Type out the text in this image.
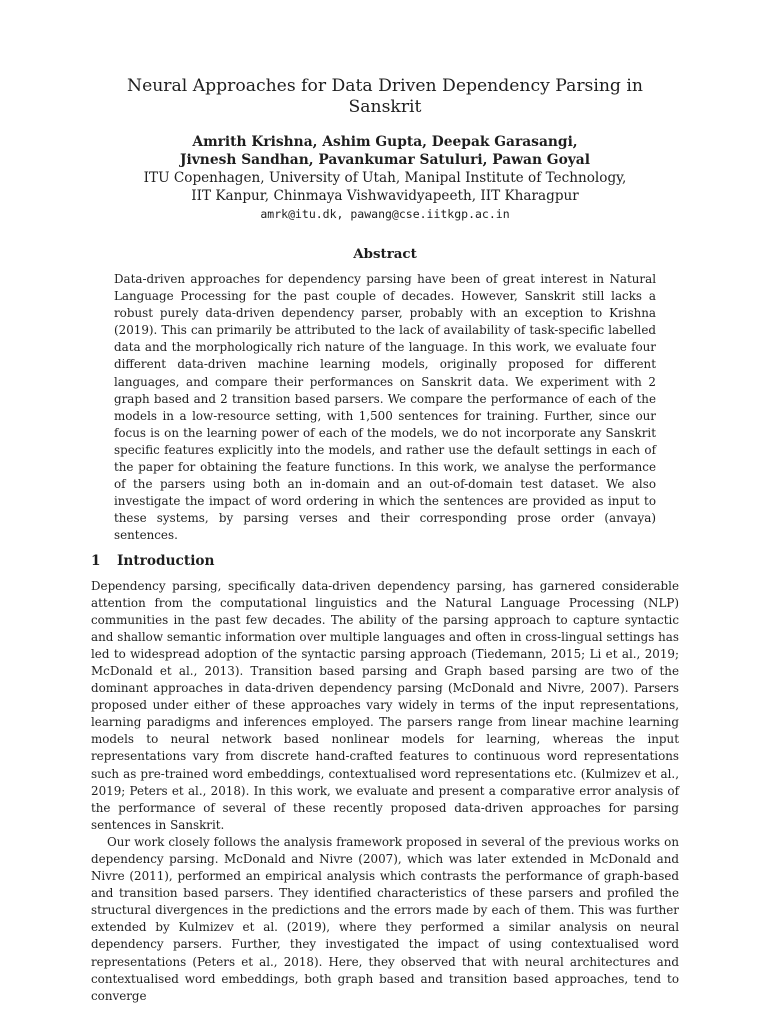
Neural Approaches for Data Driven Dependency Parsing in Sanskrit

Amrith Krishna, Ashim Gupta, Deepak Garasangi,

Jivnesh Sandhan, Pavankumar Satuluri, Pawan Goyal

ITU Copenhagen, University of Utah, Manipal Institute of Technology,

IIT Kanpur, Chinmaya Vishwavidyapeeth, IIT Kharagpur

amrk@itu.dk, pawang@cse.iitkgp.ac.in

Abstract

Data-driven approaches for dependency parsing have been of great interest in Natural Language Processing for the past couple of decades. However, Sanskrit still lacks a robust purely data-driven dependency parser, probably with an exception to Krishna (2019). This can primarily be attributed to the lack of availability of task-specific labelled data and the morphologically rich nature of the language. In this work, we evaluate four different data-driven machine learning models, originally proposed for different languages, and compare their performances on Sanskrit data. We experiment with 2 graph based and 2 transition based parsers. We compare the performance of each of the models in a low-resource setting, with 1,500 sentences for training. Further, since our focus is on the learning power of each of the models, we do not incorporate any Sanskrit specific features explicitly into the models, and rather use the default settings in each of the paper for obtaining the feature functions. In this work, we analyse the performance of the parsers using both an in-domain and an out-of-domain test dataset. We also investigate the impact of word ordering in which the sentences are provided as input to these systems, by parsing verses and their corresponding prose order (anvaya) sentences.

1 Introduction

Dependency parsing, specifically data-driven dependency parsing, has garnered considerable attention from the computational linguistics and the Natural Language Processing (NLP) communities in the past few decades. The ability of the parsing approach to capture syntactic and shallow semantic information over multiple languages and often in cross-lingual settings has led to widespread adoption of the syntactic parsing approach (Tiedemann, 2015; Li et al., 2019; McDonald et al., 2013). Transition based parsing and Graph based parsing are two of the dominant approaches in data-driven dependency parsing (McDonald and Nivre, 2007). Parsers proposed under either of these approaches vary widely in terms of the input representations, learning paradigms and inferences employed. The parsers range from linear machine learning models to neural network based nonlinear models for learning, whereas the input representations vary from discrete hand-crafted features to continuous word representations such as pre-trained word embeddings, contextualised word representations etc. (Kulmizev et al., 2019; Peters et al., 2018). In this work, we evaluate and present a comparative error analysis of the performance of several of these recently proposed data-driven approaches for parsing sentences in Sanskrit.

Our work closely follows the analysis framework proposed in several of the previous works on dependency parsing. McDonald and Nivre (2007), which was later extended in McDonald and Nivre (2011), performed an empirical analysis which contrasts the performance of graph-based and transition based parsers. They identified characteristics of these parsers and profiled the structural divergences in the predictions and the errors made by each of them. This was further extended by Kulmizev et al. (2019), where they performed a similar analysis on neural dependency parsers. Further, they investigated the impact of using contextualised word representations (Peters et al., 2018). Here, they observed that with neural architectures and contextualised word embeddings, both graph based and transition based approaches, tend to converge
